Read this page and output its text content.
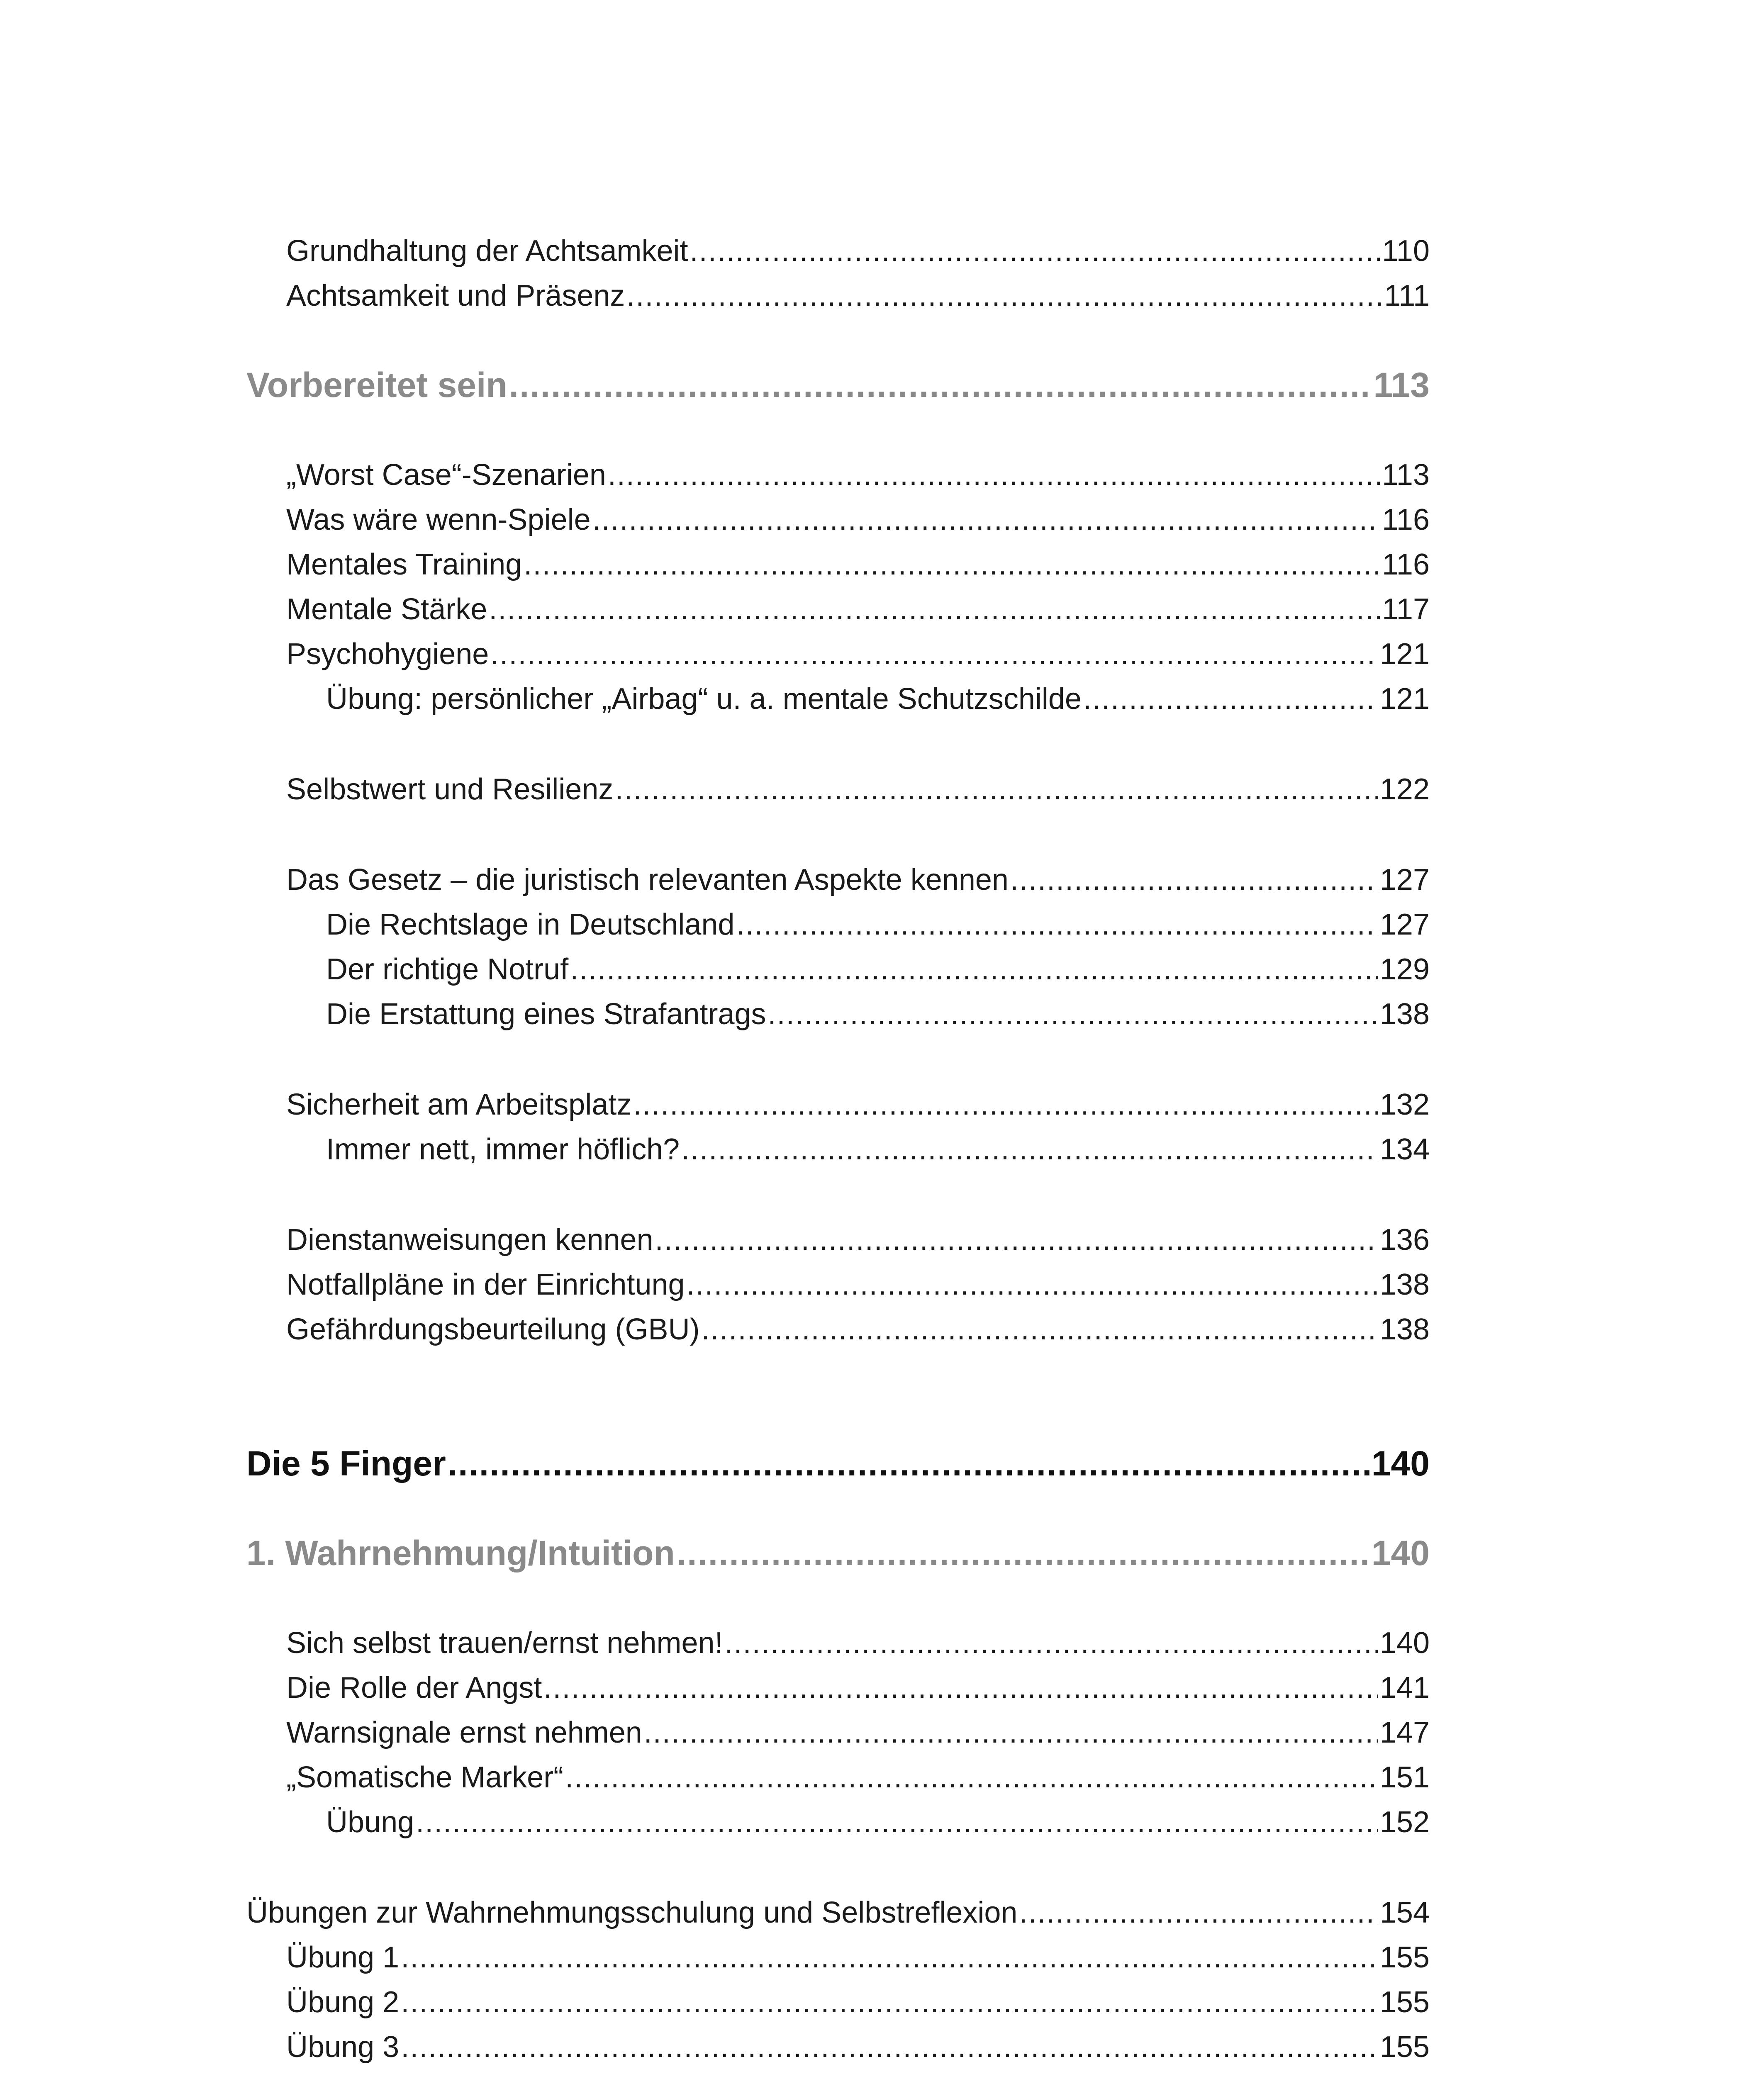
Grundhaltung der Achtsamkeit .....	110
Achtsamkeit und Präsenz .....	111
Vorbereitet sein .....	113
„Worst Case“-Szenarien .....	113
Was wäre wenn-Spiele .....	116
Mentales Training .....	116
Mentale Stärke .....	117
Psychohygiene .....	121
Übung: persönlicher „Airbag“ u. a. mentale Schutzschilde .....	121
Selbstwert und Resilienz .....	122
Das Gesetz – die juristisch relevanten Aspekte kennen .....	127
Die Rechtslage in Deutschland .....	127
Der richtige Notruf .....	129
Die Erstattung eines Strafantrags .....	138
Sicherheit am Arbeitsplatz .....	132
Immer nett, immer höflich? .....	134
Dienstanweisungen kennen .....	136
Notfallpläne in der Einrichtung .....	138
Gefährdungsbeurteilung (GBU) .....	138
Die 5 Finger .....	140
1. Wahrnehmung/Intuition .....	140
Sich selbst trauen/ernst nehmen! .....	140
Die Rolle der Angst .....	141
Warnsignale ernst nehmen .....	147
„Somatische Marker“ .....	151
Übung .....	152
Übungen zur Wahrnehmungsschulung und Selbstreflexion .....	154
Übung 1 .....	155
Übung 2 .....	155
Übung 3 .....	155
.....
